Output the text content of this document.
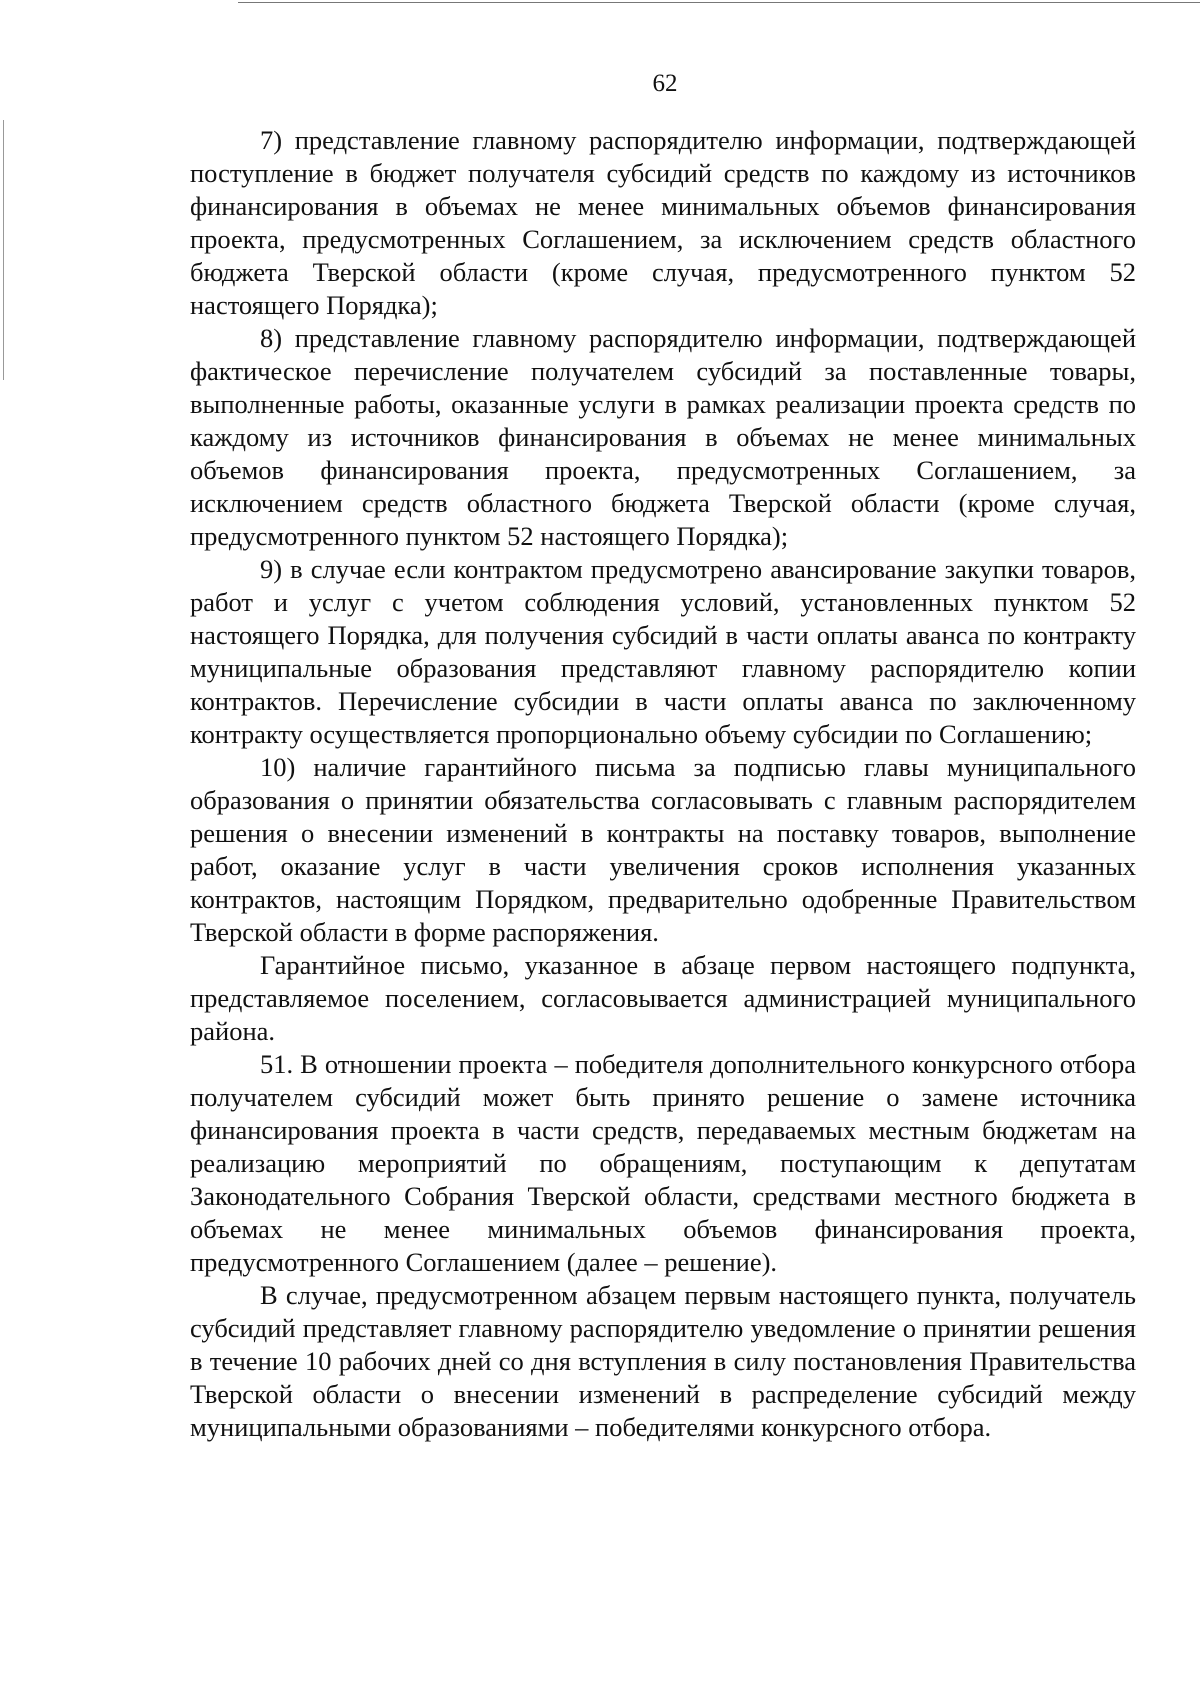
62

7) представление главному распорядителю информации, подтверждающей поступление в бюджет получателя субсидий средств по каждому из источников финансирования в объемах не менее минимальных объемов финансирования проекта, предусмотренных Соглашением, за исключением средств областного бюджета Тверской области (кроме случая, предусмотренного пунктом 52 настоящего Порядка);

8) представление главному распорядителю информации, подтверждающей фактическое перечисление получателем субсидий за поставленные товары, выполненные работы, оказанные услуги в рамках реализации проекта средств по каждому из источников финансирования в объемах не менее минимальных объемов финансирования проекта, предусмотренных Соглашением, за исключением средств областного бюджета Тверской области (кроме случая, предусмотренного пунктом 52 настоящего Порядка);

9) в случае если контрактом предусмотрено авансирование закупки товаров, работ и услуг с учетом соблюдения условий, установленных пунктом 52 настоящего Порядка, для получения субсидий в части оплаты аванса по контракту муниципальные образования представляют главному распорядителю копии контрактов. Перечисление субсидии в части оплаты аванса по заключенному контракту осуществляется пропорционально объему субсидии по Соглашению;

10) наличие гарантийного письма за подписью главы муниципального образования о принятии обязательства согласовывать с главным распорядителем решения о внесении изменений в контракты на поставку товаров, выполнение работ, оказание услуг в части увеличения сроков исполнения указанных контрактов, настоящим Порядком, предварительно одобренные Правительством Тверской области в форме распоряжения.

Гарантийное письмо, указанное в абзаце первом настоящего подпункта, представляемое поселением, согласовывается администрацией муниципального района.

51. В отношении проекта – победителя дополнительного конкурсного отбора получателем субсидий может быть принято решение о замене источника финансирования проекта в части средств, передаваемых местным бюджетам на реализацию мероприятий по обращениям, поступающим к депутатам Законодательного Собрания Тверской области, средствами местного бюджета в объемах не менее минимальных объемов финансирования проекта, предусмотренного Соглашением (далее – решение).

В случае, предусмотренном абзацем первым настоящего пункта, получатель субсидий представляет главному распорядителю уведомление о принятии решения в течение 10 рабочих дней со дня вступления в силу постановления Правительства Тверской области о внесении изменений в распределение субсидий между муниципальными образованиями – победителями конкурсного отбора.
